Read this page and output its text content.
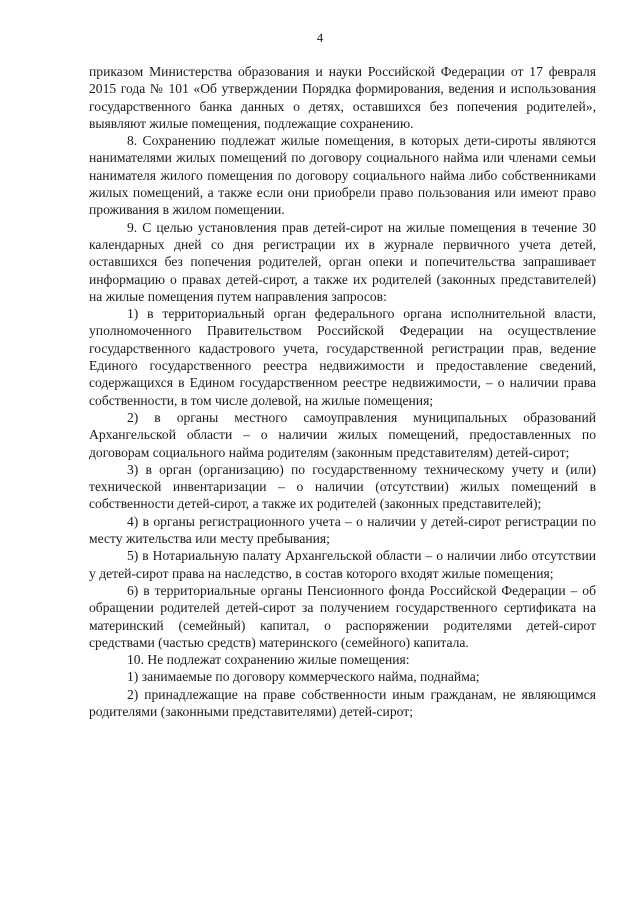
4

приказом Министерства образования и науки Российской Федерации от 17 февраля 2015 года № 101 «Об утверждении Порядка формирования, ведения и использования государственного банка данных о детях, оставшихся без попечения родителей», выявляют жилые помещения, подлежащие сохранению.

8. Сохранению подлежат жилые помещения, в которых дети-сироты являются нанимателями жилых помещений по договору социального найма или членами семьи нанимателя жилого помещения по договору социального найма либо собственниками жилых помещений, а также если они приобрели право пользования или имеют право проживания в жилом помещении.

9. С целью установления прав детей-сирот на жилые помещения в течение 30 календарных дней со дня регистрации их в журнале первичного учета детей, оставшихся без попечения родителей, орган опеки и попечительства запрашивает информацию о правах детей-сирот, а также их родителей (законных представителей) на жилые помещения путем направления запросов:

1) в территориальный орган федерального органа исполнительной власти, уполномоченного Правительством Российской Федерации на осуществление государственного кадастрового учета, государственной регистрации прав, ведение Единого государственного реестра недвижимости и предоставление сведений, содержащихся в Едином государственном реестре недвижимости, – о наличии права собственности, в том числе долевой, на жилые помещения;

2) в органы местного самоуправления муниципальных образований Архангельской области – о наличии жилых помещений, предоставленных по договорам социального найма родителям (законным представителям) детей-сирот;

3) в орган (организацию) по государственному техническому учету и (или) технической инвентаризации – о наличии (отсутствии) жилых помещений в собственности детей-сирот, а также их родителей (законных представителей);

4) в органы регистрационного учета – о наличии у детей-сирот регистрации по месту жительства или месту пребывания;

5) в Нотариальную палату Архангельской области – о наличии либо отсутствии у детей-сирот права на наследство, в состав которого входят жилые помещения;

6) в территориальные органы Пенсионного фонда Российской Федерации – об обращении родителей детей-сирот за получением государственного сертификата на материнский (семейный) капитал, о распоряжении родителями детей-сирот средствами (частью средств) материнского (семейного) капитала.

10. Не подлежат сохранению жилые помещения:

1) занимаемые по договору коммерческого найма, поднайма;

2) принадлежащие на праве собственности иным гражданам, не являющимся родителями (законными представителями) детей-сирот;
